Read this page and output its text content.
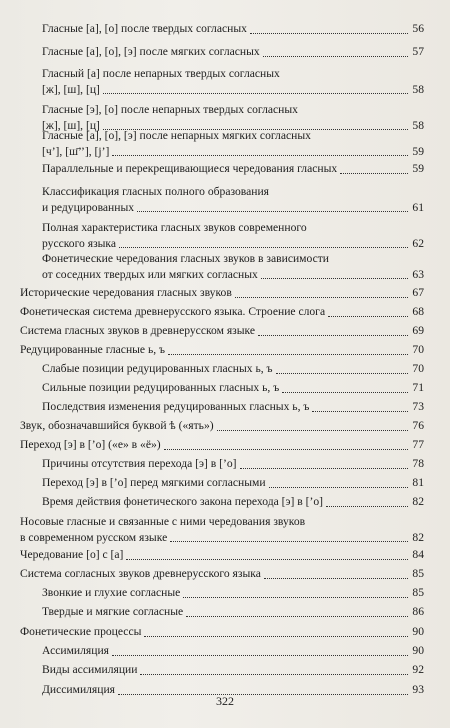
Гласные [а], [о] после твердых согласных	56
Гласные [а], [о], [э] после мягких согласных	57
Гласный [а] после непарных твердых согласных
[ж], [ш], [ц]	58
Гласные [э], [о] после непарных твердых согласных
[ж], [ш], [ц]	58
Гласные [а], [о], [э] после непарных мягких согласных
[ч’], [ш̄’’], [j’]	59
Параллельные и перекрещивающиеся чередования гласных	59
Классификация гласных полного образования
и редуцированных	61
Полная характеристика гласных звуков современного
русского языка	62
Фонетические чередования гласных звуков в зависимости
от соседних твердых или мягких согласных	63
Исторические чередования гласных звуков	67
Фонетическая система древнерусского языка. Строение слога	68
Система гласных звуков в древнерусском языке	69
Редуцированные гласные ь, ъ	70
Слабые позиции редуцированных гласных ь, ъ	70
Сильные позиции редуцированных гласных ь, ъ	71
Последствия изменения редуцированных гласных ь, ъ	73
Звук, обозначавшийся буквой ѣ («ять»)	76
Переход [э] в [’о] («е» в «ё»)	77
Причины отсутствия перехода [э] в [’о]	78
Переход [э] в [’о] перед мягкими согласными	81
Время действия фонетического закона перехода [э] в [’о]	82
Носовые гласные и связанные с ними чередования звуков
в современном русском языке	82
Чередование [о] с [а]	84
Система согласных звуков древнерусского языка	85
Звонкие и глухие согласные	85
Твердые и мягкие согласные	86
Фонетические процессы	90
Ассимиляция	90
Виды ассимиляции	92
Диссимиляция	93
322
